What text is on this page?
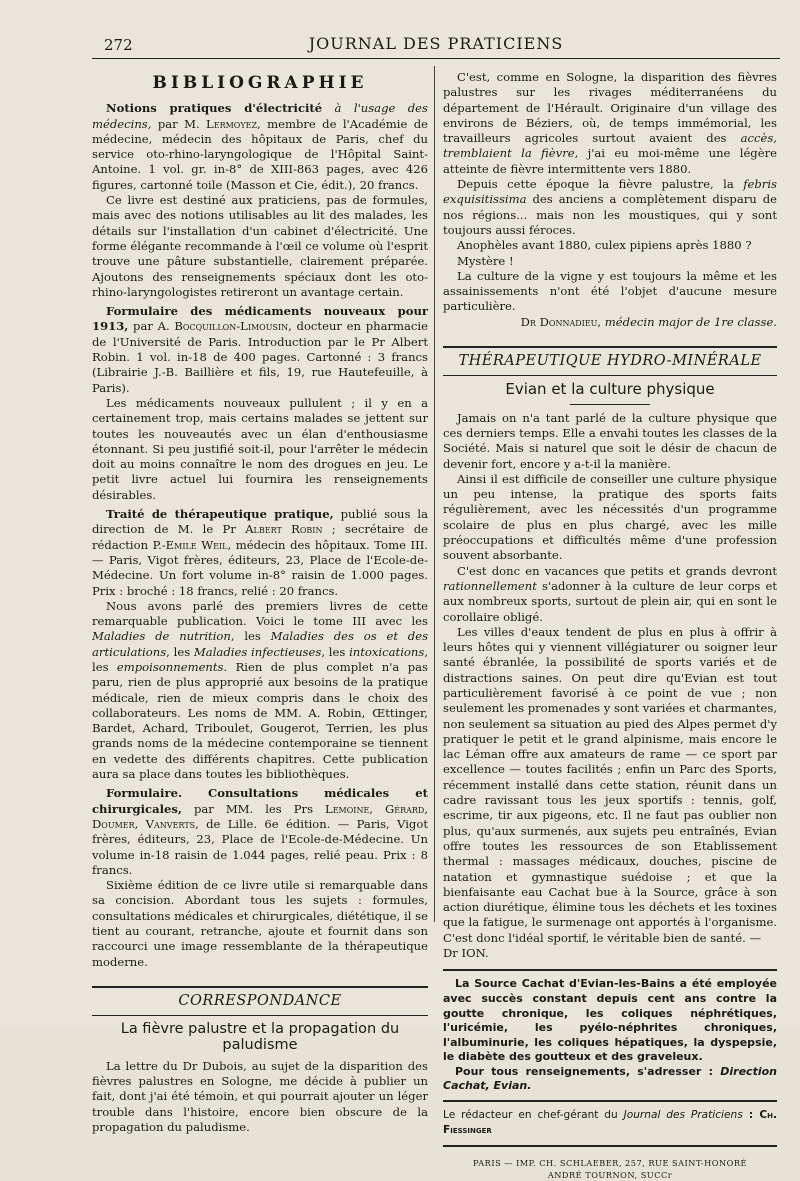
272	JOURNAL DES PRATICIENS
BIBLIOGRAPHIE

Notions pratiques d'électricité à l'usage des médecins, par M. Lermoyez, membre de l'Académie de médecine, médecin des hôpitaux de Paris, chef du service oto-rhino-laryngologique de l'Hôpital Saint-Antoine. 1 vol. gr. in-8° de XIII-863 pages, avec 426 figures, cartonné toile (Masson et Cie, édit.), 20 francs.

Ce livre est destiné aux praticiens, pas de formules, mais avec des notions utilisables au lit des malades, les détails sur l'installation d'un cabinet d'électricité. Une forme élégante recommande à l'œil ce volume où l'esprit trouve une pâture substantielle, clairement préparée. Ajoutons des renseignements spéciaux dont les oto-rhino-laryngologistes retireront un avantage certain.

Formulaire des médicaments nouveaux pour 1913, par A. Bocquillon-Limousin, docteur en pharmacie de l'Université de Paris. Introduction par le Pr Albert Robin. 1 vol. in-18 de 400 pages. Cartonné : 3 francs (Librairie J.-B. Baillière et fils, 19, rue Hautefeuille, à Paris).

Les médicaments nouveaux pullulent ; il y en a certainement trop, mais certains malades se jettent sur toutes les nouveautés avec un élan d'enthousiasme étonnant. Si peu justifié soit-il, pour l'arrêter le médecin doit au moins connaître le nom des drogues en jeu. Le petit livre actuel lui fournira les renseignements désirables.

Traité de thérapeutique pratique, publié sous la direction de M. le Pr Albert Robin ; secrétaire de rédaction P.-Emile Weil, médecin des hôpitaux. Tome III. — Paris, Vigot frères, éditeurs, 23, Place de l'Ecole-de-Médecine. Un fort volume in-8° raisin de 1.000 pages. Prix : broché : 18 francs, relié : 20 francs.

Nous avons parlé des premiers livres de cette remarquable publication. Voici le tome III avec les Maladies de nutrition, les Maladies des os et des articulations, les Maladies infectieuses, les intoxications, les empoisonnements. Rien de plus complet n'a pas paru, rien de plus approprié aux besoins de la pratique médicale, rien de mieux compris dans le choix des collaborateurs. Les noms de MM. A. Robin, Œttinger, Bardet, Achard, Triboulet, Gougerot, Terrien, les plus grands noms de la médecine contemporaine se tiennent en vedette des différents chapitres. Cette publication aura sa place dans toutes les bibliothèques.

Formulaire. Consultations médicales et chirurgicales, par MM. les Prs Lemoine, Gérard, Doumer, Vanverts, de Lille. 6e édition. — Paris, Vigot frères, éditeurs, 23, Place de l'Ecole-de-Médecine. Un volume in-18 raisin de 1.044 pages, relié peau. Prix : 8 francs.

Sixième édition de ce livre utile si remarquable dans sa concision. Abordant tous les sujets : formules, consultations médicales et chirurgicales, diététique, il se tient au courant, retranche, ajoute et fournit dans son raccourci une image ressemblante de la thérapeutique moderne.

CORRESPONDANCE
La fièvre palustre et la propagation du paludisme

La lettre du Dr Dubois, au sujet de la disparition des fièvres palustres en Sologne, me décide à publier un fait, dont j'ai été témoin, et qui pourrait ajouter un léger trouble dans l'histoire, encore bien obscure de la propagation du paludisme.

C'est, comme en Sologne, la disparition des fièvres palustres sur les rivages méditerranéens du département de l'Hérault. Originaire d'un village des environs de Béziers, où, de temps immémorial, les travailleurs agricoles surtout avaient des accès, tremblaient la fièvre, j'ai eu moi-même une légère atteinte de fièvre intermittente vers 1880.

Depuis cette époque la fièvre palustre, la febris exquisitissima des anciens a complètement disparu de nos régions... mais non les moustiques, qui y sont toujours aussi féroces.

Anophèles avant 1880, culex pipiens après 1880 ?

Mystère !

La culture de la vigne y est toujours la même et les assainissements n'ont été l'objet d'aucune mesure particulière.

Dr Donnadieu, médecin major de 1re classe.

THÉRAPEUTIQUE HYDRO-MINÉRALE
Evian et la culture physique

Jamais on n'a tant parlé de la culture physique que ces derniers temps. Elle a envahi toutes les classes de la Société. Mais si naturel que soit le désir de chacun de devenir fort, encore y a-t-il la manière.

Ainsi il est difficile de conseiller une culture physique un peu intense, la pratique des sports faits régulièrement, avec les nécessités d'un programme scolaire de plus en plus chargé, avec les mille préoccupations et difficultés même d'une profession souvent absorbante.

C'est donc en vacances que petits et grands devront rationnellement s'adonner à la culture de leur corps et aux nombreux sports, surtout de plein air, qui en sont le corollaire obligé.

Les villes d'eaux tendent de plus en plus à offrir à leurs hôtes qui y viennent villégiaturer ou soigner leur santé ébranlée, la possibilité de sports variés et de distractions saines. On peut dire qu'Evian est tout particulièrement favorisé à ce point de vue ; non seulement les promenades y sont variées et charmantes, non seulement sa situation au pied des Alpes permet d'y pratiquer le petit et le grand alpinisme, mais encore le lac Léman offre aux amateurs de rame — ce sport par excellence — toutes facilités ; enfin un Parc des Sports, récemment installé dans cette station, réunit dans un cadre ravissant tous les jeux sportifs : tennis, golf, escrime, tir aux pigeons, etc. Il ne faut pas oublier non plus, qu'aux surmenés, aux sujets peu entraînés, Evian offre toutes les ressources de son Etablissement thermal : massages médicaux, douches, piscine de natation et gymnastique suédoise ; et que la bienfaisante eau Cachat bue à la Source, grâce à son action diurétique, élimine tous les déchets et les toxines que la fatigue, le surmenage ont apportés à l'organisme. C'est donc l'idéal sportif, le véritable bien de santé. —

Dr ION.

La Source Cachat d'Evian-les-Bains a été employée avec succès constant depuis cent ans contre la goutte chronique, les coliques néphrétiques, l'uricémie, les pyélo-néphrites chroniques, l'albuminurie, les coliques hépatiques, la dyspepsie, le diabète des goutteux et des graveleux.

Pour tous renseignements, s'adresser : Direction Cachat, Evian.

Le rédacteur en chef-gérant du Journal des Praticiens : Ch. Fiessinger
PARIS — IMP. CH. SCHLAEBER, 257, RUE SAINT-HONORÉ
ANDRÉ TOURNON, SUCCr
